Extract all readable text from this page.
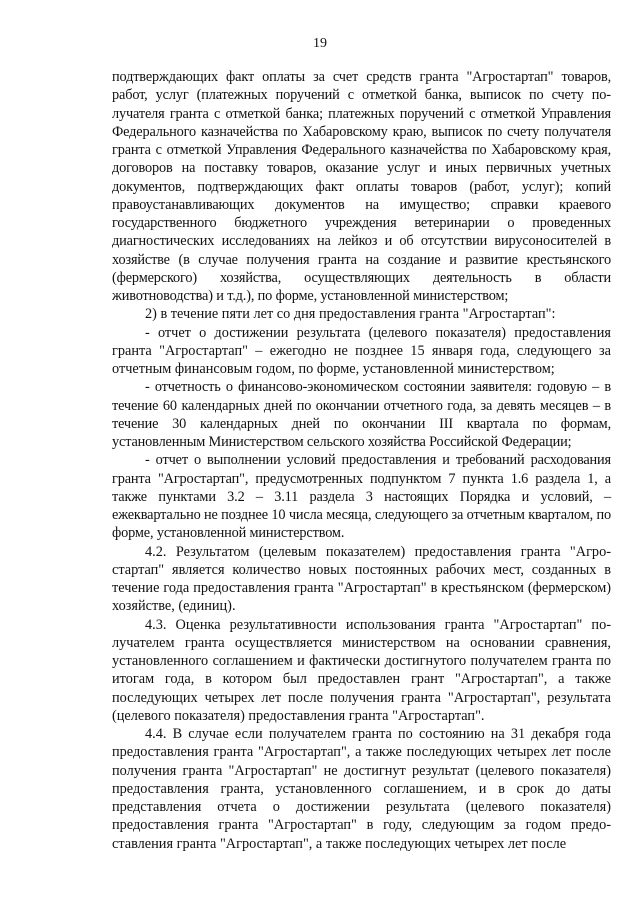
19

подтверждающих факт оплаты за счет средств гранта "Агростартап" товаров, работ, услуг (платежных поручений с отметкой банка, выписок по счету получателя гранта с отметкой банка; платежных поручений с отметкой Управления Федерального казначейства по Хабаровскому краю, выписок по счету получателя гранта с отметкой Управления Федерального казначейства по Хабаровскому края, договоров на поставку товаров, оказание услуг и иных первичных учетных документов, подтверждающих факт оплаты товаров (работ, услуг); копий правоустанавливающих документов на имущество; справки краевого государственного бюджетного учреждения ветеринарии о проведенных диагностических исследованиях на лейкоз и об отсутствии вирусоносителей в хозяйстве (в случае получения гранта на создание и развитие крестьянского (фермерского) хозяйства, осуществляющих деятельность в области животноводства) и т.д.), по форме, установленной министерством;

2) в течение пяти лет со дня предоставления гранта "Агростартап":

- отчет о достижении результата (целевого показателя) предоставления гранта "Агростартап" – ежегодно не позднее 15 января года, следующего за отчетным финансовым годом, по форме, установленной министерством;

- отчетность о финансово-экономическом состоянии заявителя: годовую – в течение 60 календарных дней по окончании отчетного года, за девять месяцев – в течение 30 календарных дней по окончании III квартала по формам, установленным Министерством сельского хозяйства Российской Федерации;

- отчет о выполнении условий предоставления и требований расходования гранта "Агростартап", предусмотренных подпунктом 7 пункта 1.6 раздела 1, а также пунктами 3.2 – 3.11 раздела 3 настоящих Порядка и условий, – ежеквартально не позднее 10 числа месяца, следующего за отчетным кварталом, по форме, установленной министерством.

4.2. Результатом (целевым показателем) предоставления гранта "Агростартап" является количество новых постоянных рабочих мест, созданных в течение года предоставления гранта "Агростартап" в крестьянском (фермерском) хозяйстве, (единиц).

4.3. Оценка результативности использования гранта "Агростартап" получателем гранта осуществляется министерством на основании сравнения, установленного соглашением и фактически достигнутого получателем гранта по итогам года, в котором был предоставлен грант "Агростартап", а также последующих четырех лет после получения гранта "Агростартап", результата (целевого показателя) предоставления гранта "Агростартап".

4.4. В случае если получателем гранта по состоянию на 31 декабря года предоставления гранта "Агростартап", а также последующих четырех лет после получения гранта "Агростартап" не достигнут результат (целевого показателя) предоставления гранта, установленного соглашением, и в срок до даты представления отчета о достижении результата (целевого показателя) предоставления гранта "Агростартап" в году, следующим за годом предоставления гранта "Агростартап", а также последующих четырех лет после
